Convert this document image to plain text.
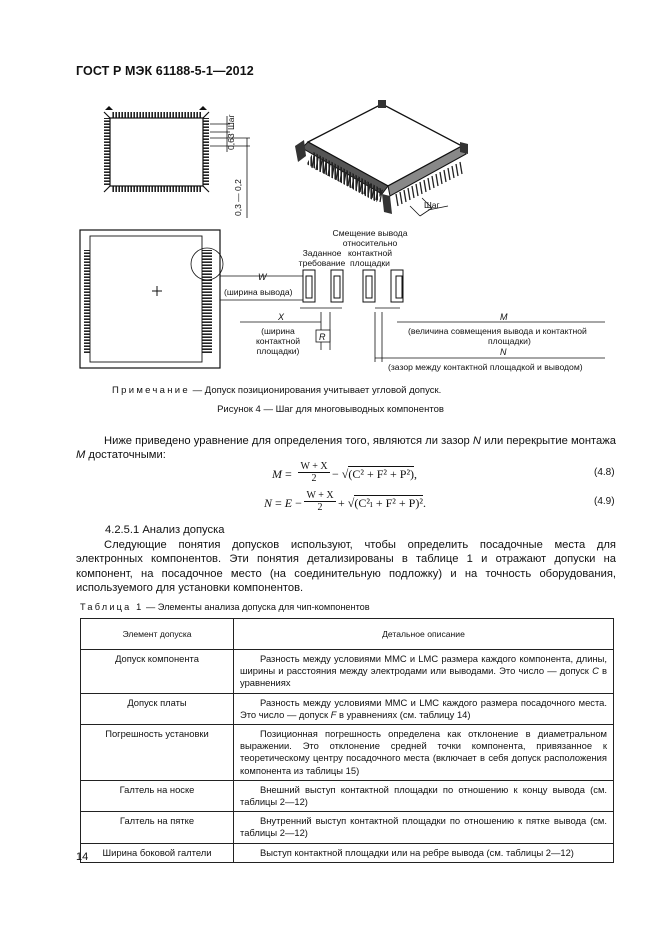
ГОСТ Р МЭК 61188-5-1—2012
0,63
Шаг
0,3 — 0,2	Шаг
R
Смещение вывода
относительно
контактной
площадки
Заданное
требование
W
(ширина вывода)
X
(ширина
контактной
площадки)
M
(величина совмещения вывода и контактной
площадки)
N
(зазор между контактной площадкой и выводом)
Примечание — Допуск позиционирования учитывает угловой допуск.
Рисунок 4 — Шаг для многовыводных компонентов
Ниже приведено уравнение для определения того, являются ли зазор N или перекрытие монтажа M достаточными:
M =
W + X
2	− √(C² + F² + P²),	(4.8)
N = E −
W + X
2	+ √(C²ₗ + F² + P)².	(4.9)
4.2.5.1 Анализ допуска
Следующие понятия допусков используют, чтобы определить посадочные места для электронных компонентов. Эти понятия детализированы в таблице 1 и отражают допуски на компонент, на посадочное место (на соединительную подложку) и на точность оборудования, используемого для установки компонентов.
Таблица 1 — Элементы анализа допуска для чип-компонентов
Элемент допуска	Детальное описание
Допуск компонента	Разность между условиями MMC и LMC размера каждого компонента, длины, ширины и расстояния между электродами или выводами. Это число — допуск C в уравнениях
Допуск платы	Разность между условиями MMC и LMC каждого размера посадочного места. Это число — допуск F в уравнениях (см. таблицу 14)
Погрешность установки	Позиционная погрешность определена как отклонение в диаметральном выражении. Это отклонение средней точки компонента, привязанное к теоретическому центру посадочного места (включает в себя допуск расположения компонента из таблицы 15)
Галтель на носке	Внешний выступ контактной площадки по отношению к концу вывода (см. таблицы 2—12)
Галтель на пятке	Внутренний выступ контактной площадки по отношению к пятке вывода (см. таблицы 2—12)
Ширина боковой галтели	Выступ контактной площадки или на ребре вывода (см. таблицы 2—12)
14
